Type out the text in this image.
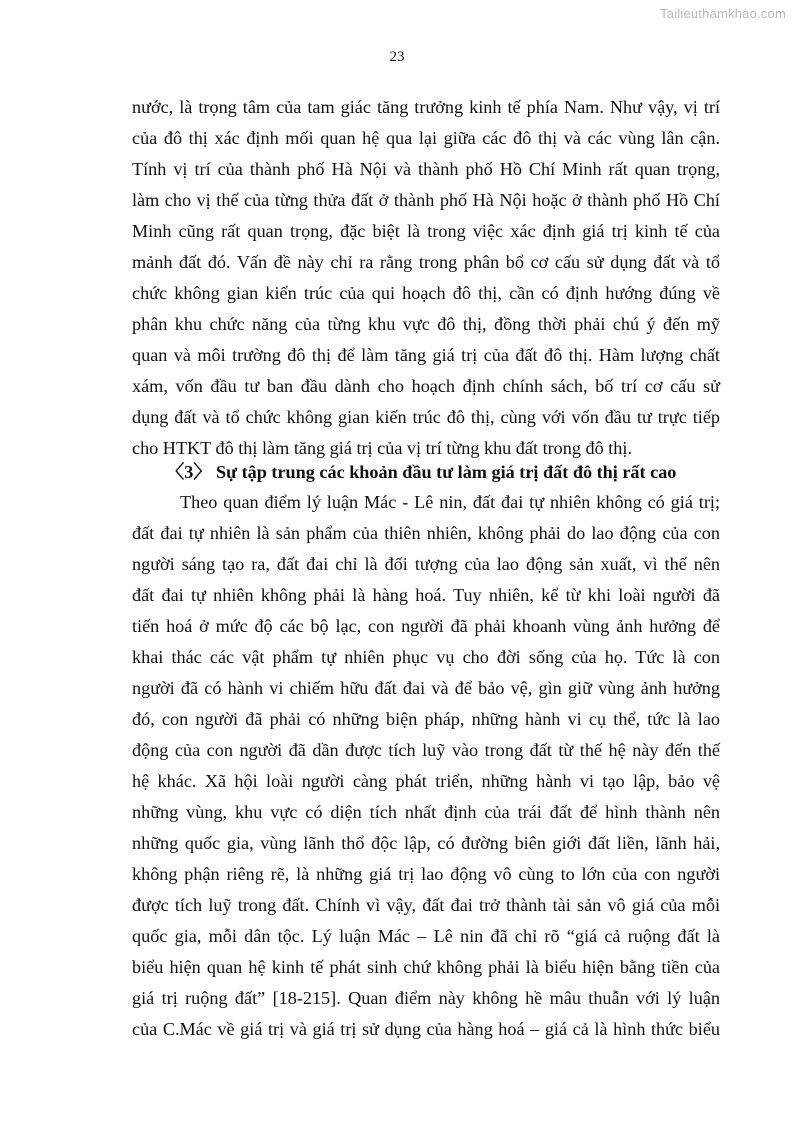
Tailieuthamkhao.com
23
nước, là trọng tâm của tam giác tăng trưởng kinh tế phía Nam. Như vậy, vị trí
của đô thị xác định mối quan hệ qua lại giữa các đô thị và các vùng lân cận.
Tính vị trí của thành phố Hà Nội và thành phố Hồ Chí Minh rất quan trọng,
làm cho vị thế của từng thửa đất ở thành phố Hà Nội hoặc ở thành phố Hồ Chí
Minh cũng rất quan trọng, đặc biệt là trong việc xác định giá trị kinh tế của
mảnh đất đó. Vấn đề này chỉ ra rằng trong phân bổ cơ cấu sử dụng đất và tổ
chức không gian kiến trúc của qui hoạch đô thị, cần có định hướng đúng về
phân khu chức năng của từng khu vực đô thị, đồng thời phải chú ý đến mỹ
quan và môi trường đô thị để làm tăng giá trị của đất đô thị. Hàm lượng chất
xám, vốn đầu tư ban đầu dành cho hoạch định chính sách, bố trí cơ cấu sử
dụng đất và tổ chức không gian kiến trúc đô thị, cùng với vốn đầu tư trực tiếp
cho HTKT đô thị làm tăng giá trị của vị trí từng khu đất trong đô thị.
〈3〉 Sự tập trung các khoản đầu tư làm giá trị đất đô thị rất cao
Theo quan điểm lý luận Mác - Lê nin, đất đai tự nhiên không có giá trị;
đất đai tự nhiên là sản phẩm của thiên nhiên, không phải do lao động của con
người sáng tạo ra, đất đai chỉ là đối tượng của lao động sản xuất, vì thế nên
đất đai tự nhiên không phải là hàng hoá. Tuy nhiên, kể từ khi loài người đã
tiến hoá ở mức độ các bộ lạc, con người đã phải khoanh vùng ảnh hưởng để
khai thác các vật phẩm tự nhiên phục vụ cho đời sống của họ. Tức là con
người đã có hành vi chiếm hữu đất đai và để bảo vệ, gìn giữ vùng ảnh hưởng
đó, con người đã phải có những biện pháp, những hành vi cụ thể, tức là lao
động của con người đã dần được tích luỹ vào trong đất từ thế hệ này đến thế
hệ khác. Xã hội loài người càng phát triển, những hành vi tạo lập, bảo vệ
những vùng, khu vực có diện tích nhất định của trái đất để hình thành nên
những quốc gia, vùng lãnh thổ độc lập, có đường biên giới đất liền, lãnh hải,
không phận riêng rẽ, là những giá trị lao động vô cùng to lớn của con người
được tích luỹ trong đất. Chính vì vậy, đất đai trở thành tài sản vô giá của mỗi
quốc gia, mỗi dân tộc. Lý luận Mác – Lê nin đã chỉ rõ “giá cả ruộng đất là
biểu hiện quan hệ kinh tế phát sinh chứ không phải là biểu hiện bằng tiền của
giá trị ruộng đất” [18-215]. Quan điểm này không hề mâu thuẫn với lý luận
của C.Mác về giá trị và giá trị sử dụng của hàng hoá – giá cả là hình thức biểu
